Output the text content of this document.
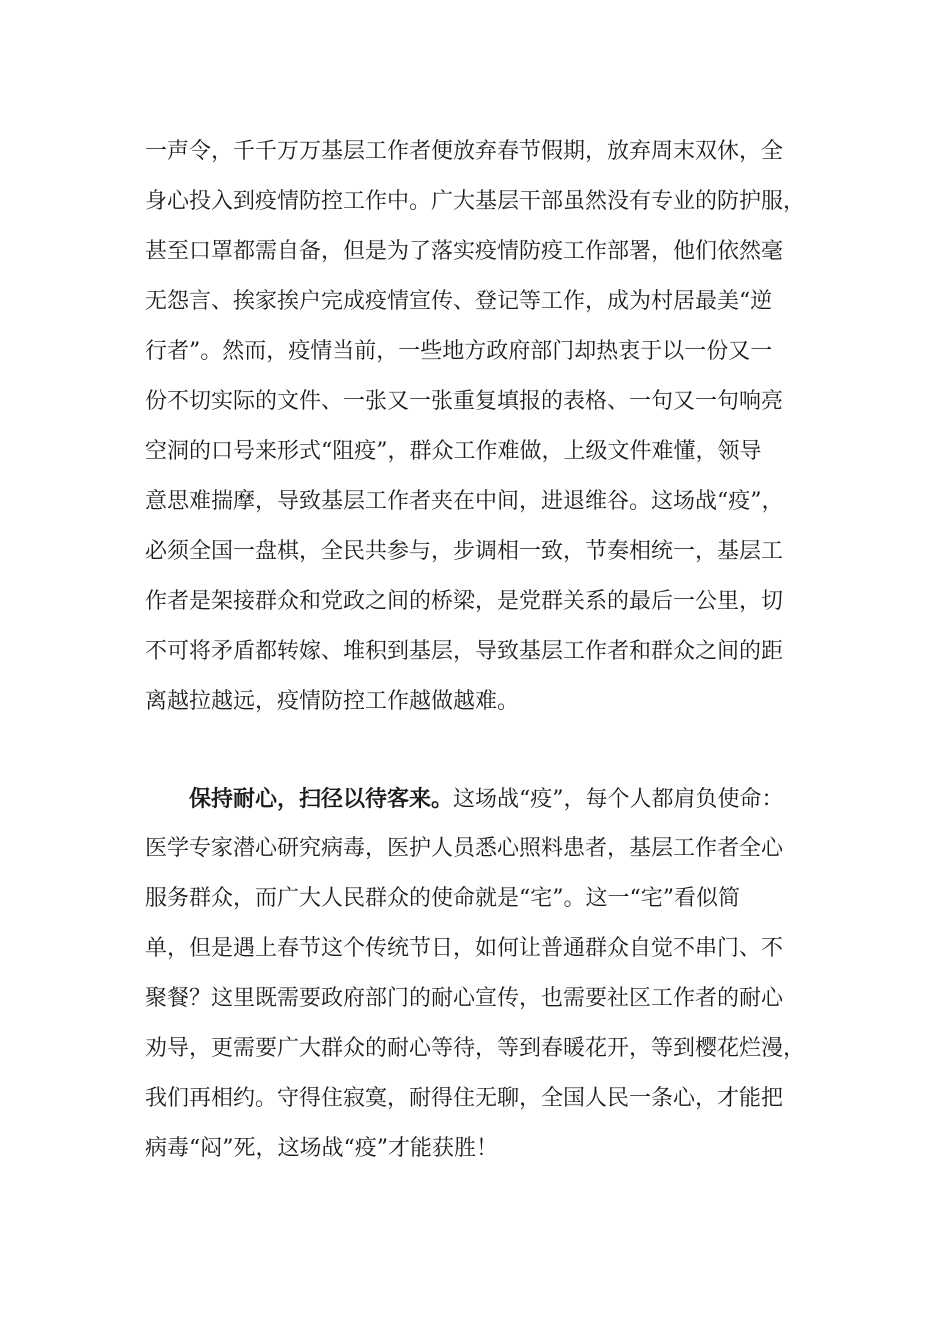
一声令，千千万万基层工作者便放弃春节假期，放弃周末双休，全
身心投入到疫情防控工作中。广大基层干部虽然没有专业的防护服，
甚至口罩都需自备，但是为了落实疫情防疫工作部署，他们依然毫
无怨言、挨家挨户完成疫情宣传、登记等工作，成为村居最美“逆
行者”。然而，疫情当前，一些地方政府部门却热衷于以一份又一
份不切实际的文件、一张又一张重复填报的表格、一句又一句响亮
空洞的口号来形式“阻疫”，群众工作难做，上级文件难懂，领导
意思难揣摩，导致基层工作者夹在中间，进退维谷。这场战“疫”，
必须全国一盘棋，全民共参与，步调相一致，节奏相统一，基层工
作者是架接群众和党政之间的桥梁，是党群关系的最后一公里，切
不可将矛盾都转嫁、堆积到基层，导致基层工作者和群众之间的距
离越拉越远，疫情防控工作越做越难。
保持耐心，扫径以待客来。这场战“疫”，每个人都肩负使命：
医学专家潜心研究病毒，医护人员悉心照料患者，基层工作者全心
服务群众，而广大人民群众的使命就是“宅”。这一“宅”看似简
单，但是遇上春节这个传统节日，如何让普通群众自觉不串门、不
聚餐？这里既需要政府部门的耐心宣传，也需要社区工作者的耐心
劝导，更需要广大群众的耐心等待，等到春暖花开，等到樱花烂漫，
我们再相约。守得住寂寞，耐得住无聊，全国人民一条心，才能把
病毒“闷”死，这场战“疫”才能获胜！
